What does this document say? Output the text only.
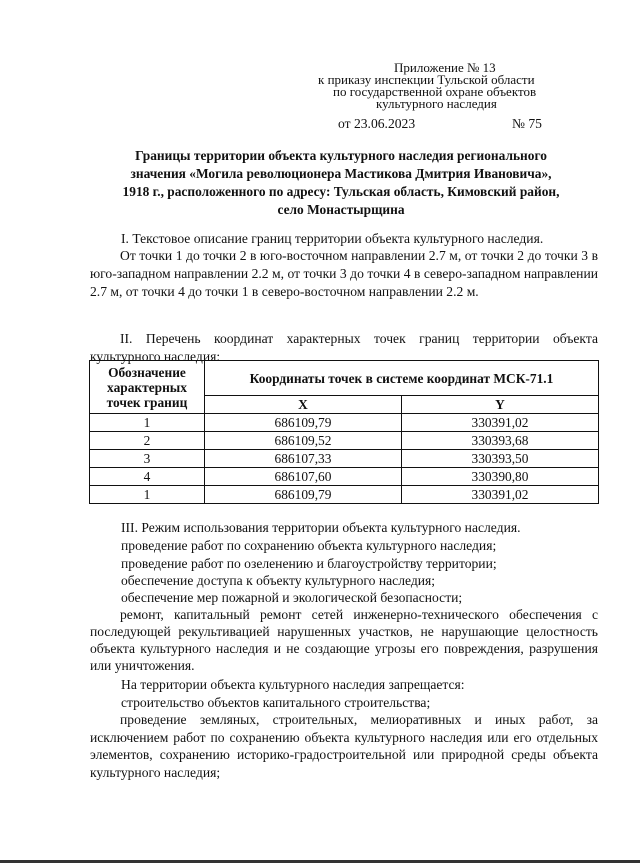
Приложение № 13
к приказу инспекции Тульской области
по государственной охране объектов
культурного наследия
от 23.06.2023	№ 75
Границы территории объекта культурного наследия регионального
значения «Могила революционера Мастикова Дмитрия Ивановича»,
1918 г., расположенного по адресу: Тульская область, Кимовский район,
село Монастырщина
I. Текстовое описание границ территории объекта культурного наследия.
От точки 1 до точки 2 в юго-восточном направлении 2.7 м, от точки 2 до точки 3 в юго-западном направлении 2.2 м, от точки 3 до точки 4 в северо-западном направлении 2.7 м, от точки 4 до точки 1 в северо-восточном направлении 2.2 м.
II. Перечень координат характерных точек границ территории объекта культурного наследия:
Обозначение характерных точек границ	Координаты точек в системе координат МСК-71.1	
	X	Y
1	686109,79	330391,02
2	686109,52	330393,68
3	686107,33	330393,50
4	686107,60	330390,80
1	686109,79	330391,02
III. Режим использования территории объекта культурного наследия.
проведение работ по сохранению объекта культурного наследия;
проведение работ по озеленению и благоустройству территории;
обеспечение доступа к объекту культурного наследия;
обеспечение мер пожарной и экологической безопасности;
ремонт, капитальный ремонт сетей инженерно-технического обеспечения с последующей рекультивацией нарушенных участков, не нарушающие целостность объекта культурного наследия и не создающие угрозы его повреждения, разрушения или уничтожения.
На территории объекта культурного наследия запрещается:
строительство объектов капитального строительства;
проведение земляных, строительных, мелиоративных и иных работ, за исключением работ по сохранению объекта культурного наследия или его отдельных элементов, сохранению историко-градостроительной или природной среды объекта культурного наследия;
